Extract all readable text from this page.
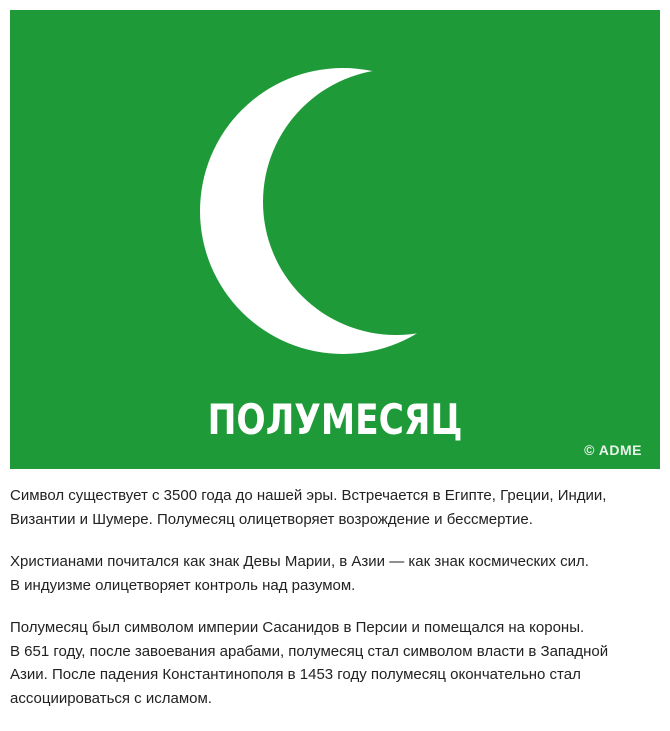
ПОЛУМЕСЯЦ
© ADME

Символ существует с 3500 года до нашей эры. Встречается в Египте, Греции, Индии,
Византии и Шумере. Полумесяц олицетворяет возрождение и бессмертие.

Христианами почитался как знак Девы Марии, в Азии — как знак космических сил.
В индуизме олицетворяет контроль над разумом.

Полумесяц был символом империи Сасанидов в Персии и помещался на короны.
В 651 году, после завоевания арабами, полумесяц стал символом власти в Западной
Азии. После падения Константинополя в 1453 году полумесяц окончательно стал
ассоциироваться с исламом.
